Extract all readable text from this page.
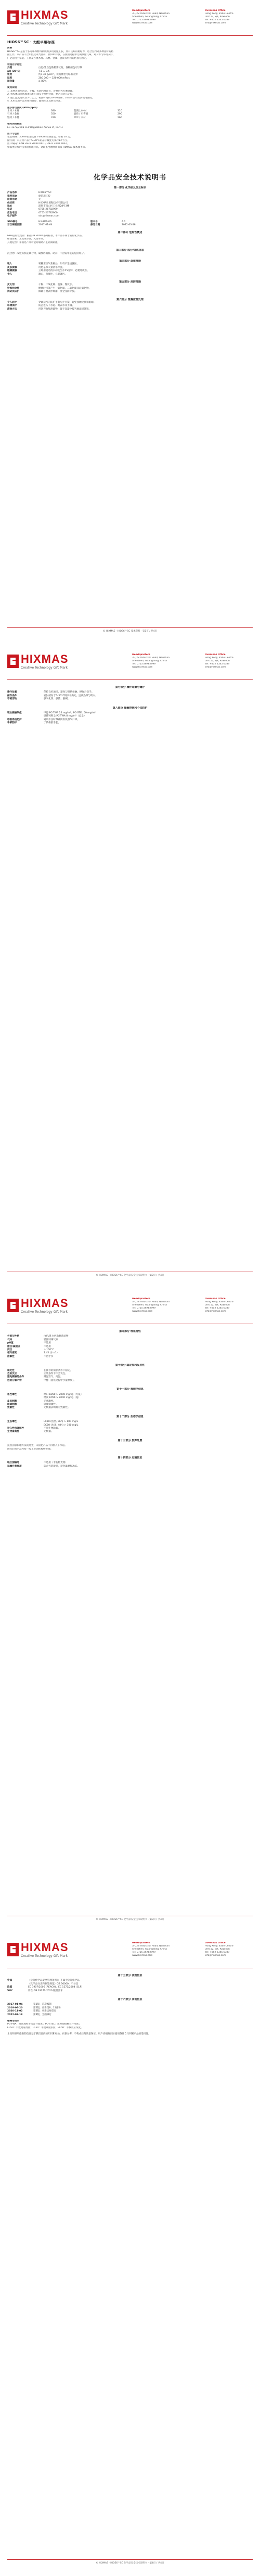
HIXMAS
Creative Technology Gift Mark
Headquarters
3F, 28 Industrial Road, Nanshan
Shenzhen, Guangdong, China
Tel: 0755-26782999
www.hixmas.com
Overseas Office
Hong Kong Trade Centre
Unit 12, 8/F, Kowloon
Tel: +852 2345 6789
info@hixmas.com
HIOS6™SC · 无醛卓越标准
简要
HIOS6™SC是基于多元环保材料制成的多用途施工胶，具有良好的黏结力，适合室内外多种基材的粘
接工作。本产品不含甲醛及苯类溶剂，低VOC排放，在使用过程中无刺激性气味，对人体与环境友好，
广泛适用于家装、工装及各类木作、石材、金属、瓷砖等材料的粘接与固定。
物理化学特性
外观	白色/乳白色黏稠膏状物，各种颜色可订制
pH (20°C)	7.0 ± 0.5
密度	约1.45 g/cm³，视具体型号略有差异
粘度	280 000 ~ 320 000 mPa·s
固含量	≥ 80%
使用说明
1. 基材表面应清洁、干燥、无油污及浮灰，必要时先打磨处理。
2. 将胶体以点状或条状均匀涂布于基材背面，贴合后轻压定位。
3. 施工温度建议在5°C以上，初固时间约20–30分钟，24小时后可达到使用强度。
4. 未用完的产品应密封保存，避免阳光直射及冰冻。
最小剪切强度 (MOa/ppm)
木材 / 木材	380	混凝土/木材	320
石材 / 金属	350	瓷砖 / 石膏板	290
铝材 / 木材	310	PVC / 木材	260
相关法规标准
EC 1272/2008 CLP Regulation Annex VI, Part 3
出口与包装
包装规格：300ml铝箔软管 / 600ml香肠包装，每箱 20 支。
储存期：未开封产品于5–30°C阴凉干燥处可保存12个月。
出口编码：EAN 3931 2000 0001 / 3931 2000 0002。
如需更详细的技术资料或样品，请联系当地经销商或 HIXMAS 技术服务部。
化学品安全技术说明书
第一部分 化学品及企业标识
产品名称	HIOS6™SC
推荐用途	建筑施工胶
限制用途	无
供应商	HIXMAS 胶粘技术有限公司
地址	深圳市南山区工业路28号3楼
电话	0755-26782999
应急电话	0755-26782900
电子邮件	sds@hixmas.com
SDS编号	HX-SDS-06	版本号	4.0
首次编制日期	2017-01-04	修订日期	2022-03-18
第二部分 危险性概述
GHS危险性类别：根据GB 30000系列标准，本产品不属于危险化学品。
标签要素：无需象形图，无信号词。
其他危害：未固化产品可能对眼睛产生轻微刺激。
第三部分 成分/组成信息
混合物：改性有机硅聚合物、碳酸钙填料、助剂；不含需申报的危险组分。
第四部分 急救措施
吸入	转移至空气新鲜处，如有不适请就医。
皮肤接触	用肥皂和大量清水冲洗。
眼睛接触	立即用流动清水冲洗至少15分钟，必要时就医。
食入	漱口，勿催吐，立即就医。
第五部分 消防措施
灭火剂	干粉、二氧化碳、泡沫、雾状水。
特殊危险性	燃烧时可能产生一氧化碳、二氧化碳及硅氧化物。
消防员防护	佩戴自给式呼吸器，穿全身防护服。
第六部分 泄漏应急处理
个人防护	穿戴适当的防护手套与护目镜，避免接触皮肤和眼睛。
环境保护	防止进入下水道、地表水及土壤。
清除方法	用刮刀收集泄漏物，置于容器中按当地法规处置。
© HIXMAS · HIOS6™SC 技术资料 · 第1页 / 共4页
HIXMAS
Creative Technology Gift Mark
Headquarters
3F, 28 Industrial Road, Nanshan
Shenzhen, Guangdong, China
Tel: 0755-26782999
www.hixmas.com
Overseas Office
Hong Kong Trade Centre
Unit 12, 8/F, Kowloon
Tel: +852 2345 6789
info@hixmas.com
第七部分 操作处置与储存
操作处置	保持良好通风，避免与眼睛接触，操作后洗手。
储存条件	密封储存于5–30°C阴凉干燥处，远离热源与明火。
不相容物	强氧化剂、强酸、强碱。
第八部分 接触控制和个体防护
职业接触限值	甲醇 PC-TWA 25 mg/m³；PC-STEL 50 mg/m³
碳酸钙粉尘 PC-TWA 8 mg/m³（总尘）
呼吸系统防护	通风不良时佩戴防有机蒸气口罩。
手部防护	丁腈橡胶手套。
© HIXMAS · HIOS6™SC 化学品安全技术说明书 · 第2页 / 共4页
HIXMAS
Creative Technology Gift Mark
Headquarters
3F, 28 Industrial Road, Nanshan
Shenzhen, Guangdong, China
Tel: 0755-26782999
www.hixmas.com
Overseas Office
Hong Kong Trade Centre
Unit 12, 8/F, Kowloon
Tel: +852 2345 6789
info@hixmas.com
第九部分 理化特性
外观与性状	白色/乳白色黏稠膏状物
气味	轻微特殊气味
pH值	不适用
熔点/凝固点	不适用
闪点	> 100°C
相对密度	1.45 (水=1)
溶解性	不溶于水
第十部分 稳定性和反应性
稳定性	在推荐的储存条件下稳定。
危险反应	正常条件下不会发生。
避免接触的条件	潮湿空气、高温。
危险分解产物	甲醇（固化过程中少量释放）。
第十一部分 毒理学信息
急性毒性	经口 LD50 > 2000 mg/kg（大鼠）
经皮 LD50 > 2000 mg/kg（兔）
皮肤刺激	无刺激性。
眼睛刺激	轻微刺激性。
致敏性	无数据表明具有致敏性。
第十二部分 生态学信息
生态毒性	LC50 (鱼类, 96h) > 100 mg/L
EC50 (水蚤, 48h) > 100 mg/L
持久性和降解性	不易生物降解。
生物富集性	无数据。
第十三部分 废弃处置
按照国家和地方法规处置，未固化产品不得倒入下水道。
固化后的产品可按一般工业固体废物处理。
第十四部分 运输信息
联合国编号	不适用（非危险货物）
运输注意事项	防止包装破损，避免暴晒和冰冻。
© HIXMAS · HIOS6™SC 化学品安全技术说明书 · 第3页 / 共4页
HIXMAS
Creative Technology Gift Mark
Headquarters
3F, 28 Industrial Road, Nanshan
Shenzhen, Guangdong, China
Tel: 0755-26782999
www.hixmas.com
Overseas Office
Hong Kong Trade Centre
Unit 12, 8/F, Kowloon
Tel: +852 2345 6789
info@hixmas.com
第十五部分 法规信息
中国	《危险化学品安全管理条例》：不属于危险化学品
《化学品分类和标签规范》GB 30000：不分类
欧盟	EC 1907/2006 (REACH)、EC 1272/2008 (CLP)
VOC	符合 GB 33372-2020 限量要求
第十六部分 其他信息
2017-01-04	第1版，首次编制
2019-06-20	第2版，更新第8、11部分
2020-11-02	第3版，更新法规信息
2022-03-18	第4版，全面修订
缩略语说明
PC-TWA：时间加权平均容许浓度；PC-STEL：短时间接触容许浓度；
LD50：半数致死剂量；LC50：半数致死浓度；EC50：半数效应浓度。
本说明书所提供的信息基于我们目前的知识和经验，仅供参考，不构成任何质量保证。用户应根据实际使用条件自行判断产品的适用性。
© HIXMAS · HIOS6™SC 化学品安全技术说明书 · 第4页 / 共4页
